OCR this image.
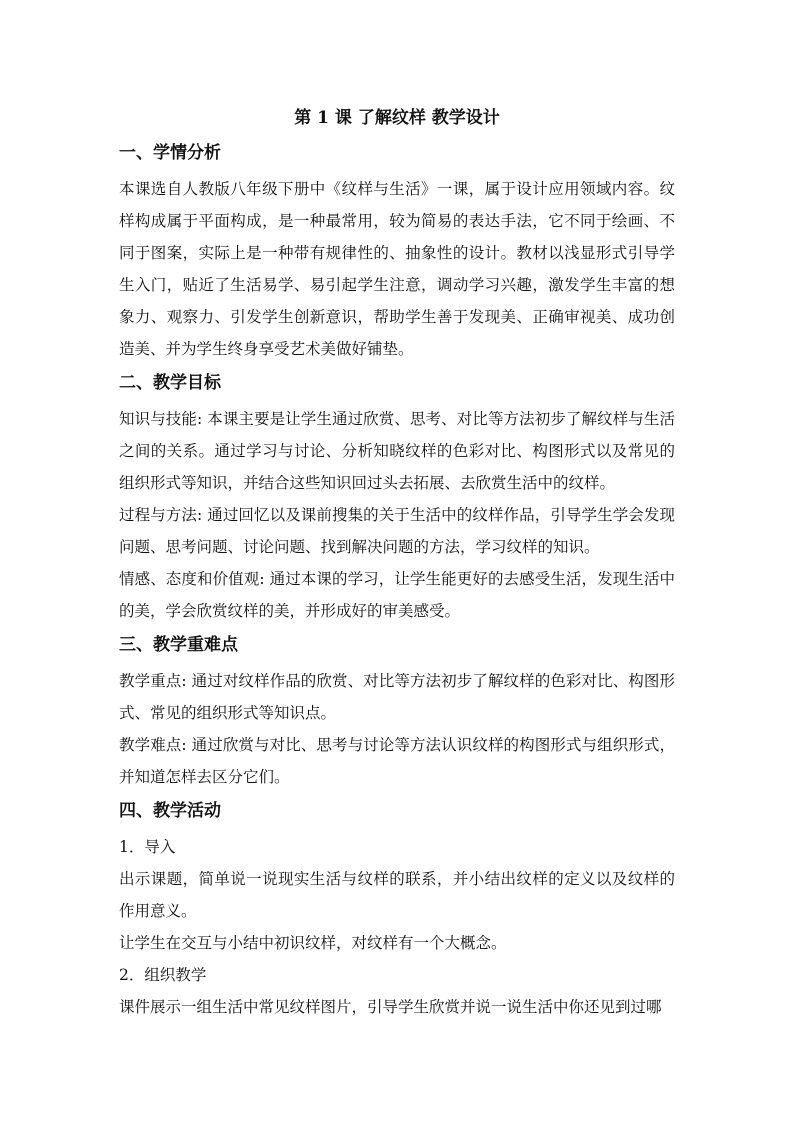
第 1 课 了解纹样 教学设计
一、学情分析

本课选自人教版八年级下册中《纹样与生活》一课，属于设计应用领域内容。纹样构成属于平面构成，是一种最常用，较为简易的表达手法，它不同于绘画、不同于图案，实际上是一种带有规律性的、抽象性的设计。教材以浅显形式引导学生入门，贴近了生活易学、易引起学生注意，调动学习兴趣，激发学生丰富的想象力、观察力、引发学生创新意识，帮助学生善于发现美、正确审视美、成功创造美、并为学生终身享受艺术美做好铺垫。

二、教学目标

知识与技能: 本课主要是让学生通过欣赏、思考、对比等方法初步了解纹样与生活之间的关系。通过学习与讨论、分析知晓纹样的色彩对比、构图形式以及常见的组织形式等知识，并结合这些知识回过头去拓展、去欣赏生活中的纹样。

过程与方法: 通过回忆以及课前搜集的关于生活中的纹样作品，引导学生学会发现问题、思考问题、讨论问题、找到解决问题的方法，学习纹样的知识。

情感、态度和价值观: 通过本课的学习，让学生能更好的去感受生活，发现生活中的美，学会欣赏纹样的美，并形成好的审美感受。

三、教学重难点

教学重点: 通过对纹样作品的欣赏、对比等方法初步了解纹样的色彩对比、构图形式、常见的组织形式等知识点。

教学难点: 通过欣赏与对比、思考与讨论等方法认识纹样的构图形式与组织形式，并知道怎样去区分它们。

四、教学活动

1．导入

出示课题，简单说一说现实生活与纹样的联系，并小结出纹样的定义以及纹样的作用意义。

让学生在交互与小结中初识纹样，对纹样有一个大概念。

2．组织教学

课件展示一组生活中常见纹样图片，引导学生欣赏并说一说生活中你还见到过哪
